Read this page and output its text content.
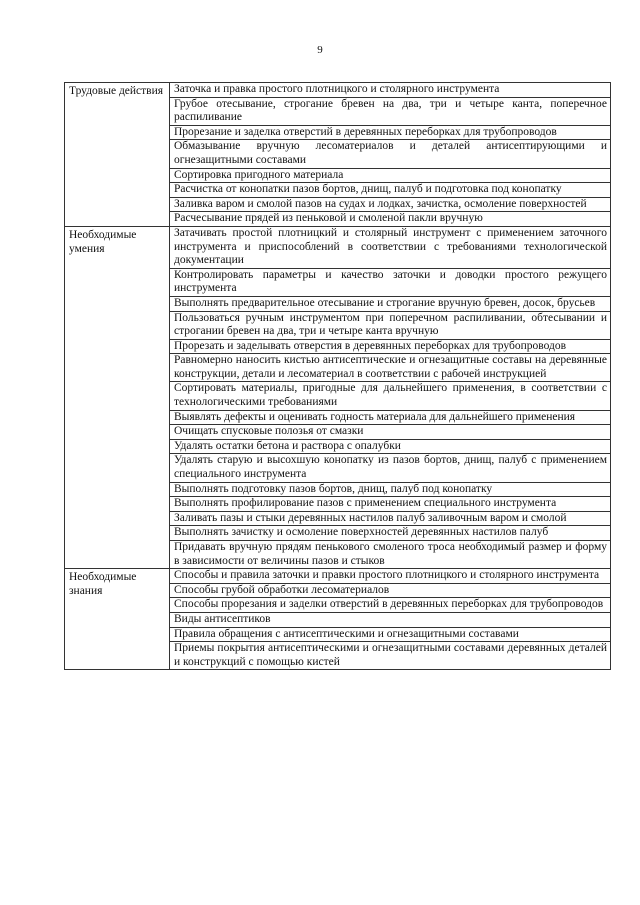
9
Трудовые действия	Заточка и правка простого плотницкого и столярного инструмента
	Грубое отесывание, строгание бревен на два, три и четыре канта, поперечное распиливание
	Прорезание и заделка отверстий в деревянных переборках для трубопроводов
	Обмазывание вручную лесоматериалов и деталей антисептирующими и огнезащитными составами
	Сортировка пригодного материала
	Расчистка от конопатки пазов бортов, днищ, палуб и подготовка под конопатку
	Заливка варом и смолой пазов на судах и лодках, зачистка, осмоление поверхностей
	Расчесывание прядей из пеньковой и смоленой пакли вручную
Необходимые умения	Затачивать простой плотницкий и столярный инструмент с применением заточного инструмента и приспособлений в соответствии с требованиями технологической документации
	Контролировать параметры и качество заточки и доводки простого режущего инструмента
	Выполнять предварительное отесывание и строгание вручную бревен, досок, брусьев
	Пользоваться ручным инструментом при поперечном распиливании, обтесывании и строгании бревен на два, три и четыре канта вручную
	Прорезать и заделывать отверстия в деревянных переборках для трубопроводов
	Равномерно наносить кистью антисептические и огнезащитные составы на деревянные конструкции, детали и лесоматериал в соответствии с рабочей инструкцией
	Сортировать материалы, пригодные для дальнейшего применения, в соответствии с технологическими требованиями
	Выявлять дефекты и оценивать годность материала для дальнейшего применения
	Очищать спусковые полозья от смазки
	Удалять остатки бетона и раствора с опалубки
	Удалять старую и высохшую конопатку из пазов бортов, днищ, палуб с применением специального инструмента
	Выполнять подготовку пазов бортов, днищ, палуб под конопатку
	Выполнять профилирование пазов с применением специального инструмента
	Заливать пазы и стыки деревянных настилов палуб заливочным варом и смолой
	Выполнять зачистку и осмоление поверхностей деревянных настилов палуб
	Придавать вручную прядям пенькового смоленого троса необходимый размер и форму в зависимости от величины пазов и стыков
Необходимые знания	Способы и правила заточки и правки простого плотницкого и столярного инструмента
	Способы грубой обработки лесоматериалов
	Способы прорезания и заделки отверстий в деревянных переборках для трубопроводов
	Виды антисептиков
	Правила обращения с антисептическими и огнезащитными составами
	Приемы покрытия антисептическими и огнезащитными составами деревянных деталей и конструкций с помощью кистей
